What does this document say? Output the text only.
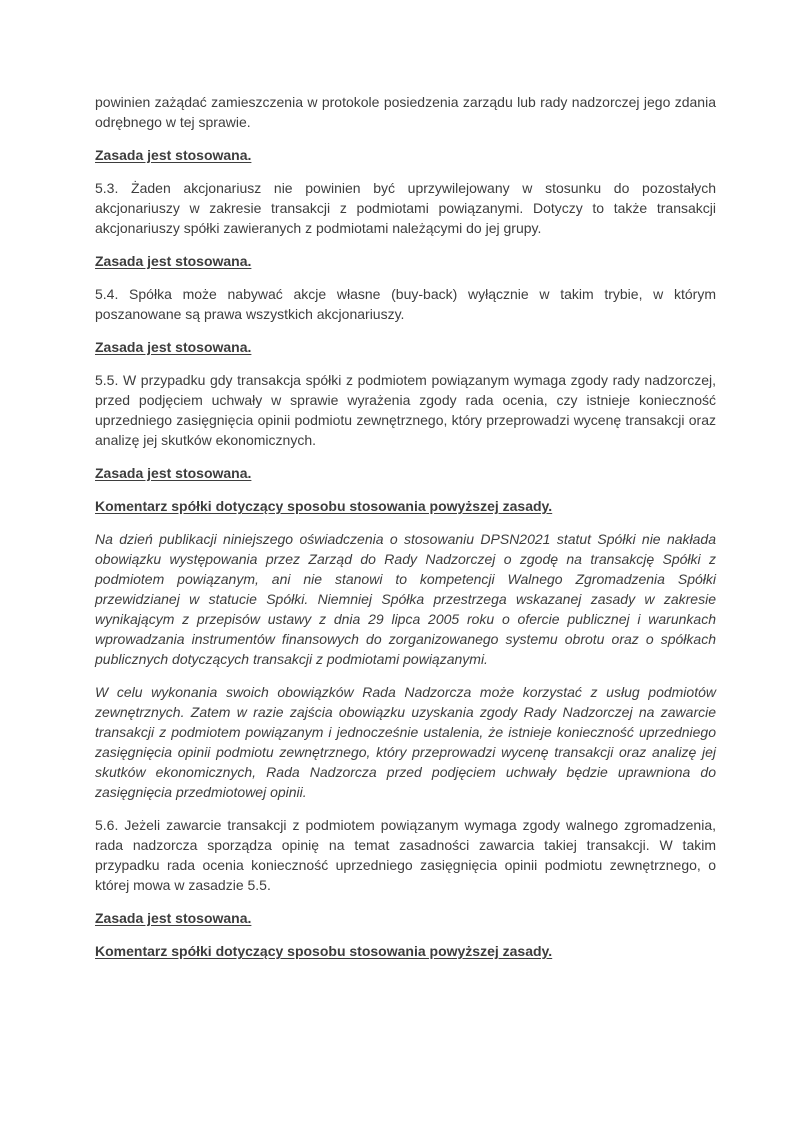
powinien zażądać zamieszczenia w protokole posiedzenia zarządu lub rady nadzorczej jego zdania odrębnego w tej sprawie.

Zasada jest stosowana.

5.3. Żaden akcjonariusz nie powinien być uprzywilejowany w stosunku do pozostałych akcjonariuszy w zakresie transakcji z podmiotami powiązanymi. Dotyczy to także transakcji akcjonariuszy spółki zawieranych z podmiotami należącymi do jej grupy.

Zasada jest stosowana.

5.4. Spółka może nabywać akcje własne (buy-back) wyłącznie w takim trybie, w którym poszanowane są prawa wszystkich akcjonariuszy.

Zasada jest stosowana.

5.5. W przypadku gdy transakcja spółki z podmiotem powiązanym wymaga zgody rady nadzorczej, przed podjęciem uchwały w sprawie wyrażenia zgody rada ocenia, czy istnieje konieczność uprzedniego zasięgnięcia opinii podmiotu zewnętrznego, który przeprowadzi wycenę transakcji oraz analizę jej skutków ekonomicznych.

Zasada jest stosowana.

Komentarz spółki dotyczący sposobu stosowania powyższej zasady.

Na dzień publikacji niniejszego oświadczenia o stosowaniu DPSN2021 statut Spółki nie nakłada obowiązku występowania przez Zarząd do Rady Nadzorczej o zgodę na transakcję Spółki z podmiotem powiązanym, ani nie stanowi to kompetencji Walnego Zgromadzenia Spółki przewidzianej w statucie Spółki. Niemniej Spółka przestrzega wskazanej zasady w zakresie wynikającym z przepisów ustawy z dnia 29 lipca 2005 roku o ofercie publicznej i warunkach wprowadzania instrumentów finansowych do zorganizowanego systemu obrotu oraz o spółkach publicznych dotyczących transakcji z podmiotami powiązanymi.

W celu wykonania swoich obowiązków Rada Nadzorcza może korzystać z usług podmiotów zewnętrznych. Zatem w razie zajścia obowiązku uzyskania zgody Rady Nadzorczej na zawarcie transakcji z podmiotem powiązanym i jednocześnie ustalenia, że istnieje konieczność uprzedniego zasięgnięcia opinii podmiotu zewnętrznego, który przeprowadzi wycenę transakcji oraz analizę jej skutków ekonomicznych, Rada Nadzorcza przed podjęciem uchwały będzie uprawniona do zasięgnięcia przedmiotowej opinii.

5.6. Jeżeli zawarcie transakcji z podmiotem powiązanym wymaga zgody walnego zgromadzenia, rada nadzorcza sporządza opinię na temat zasadności zawarcia takiej transakcji. W takim przypadku rada ocenia konieczność uprzedniego zasięgnięcia opinii podmiotu zewnętrznego, o której mowa w zasadzie 5.5.

Zasada jest stosowana.

Komentarz spółki dotyczący sposobu stosowania powyższej zasady.
